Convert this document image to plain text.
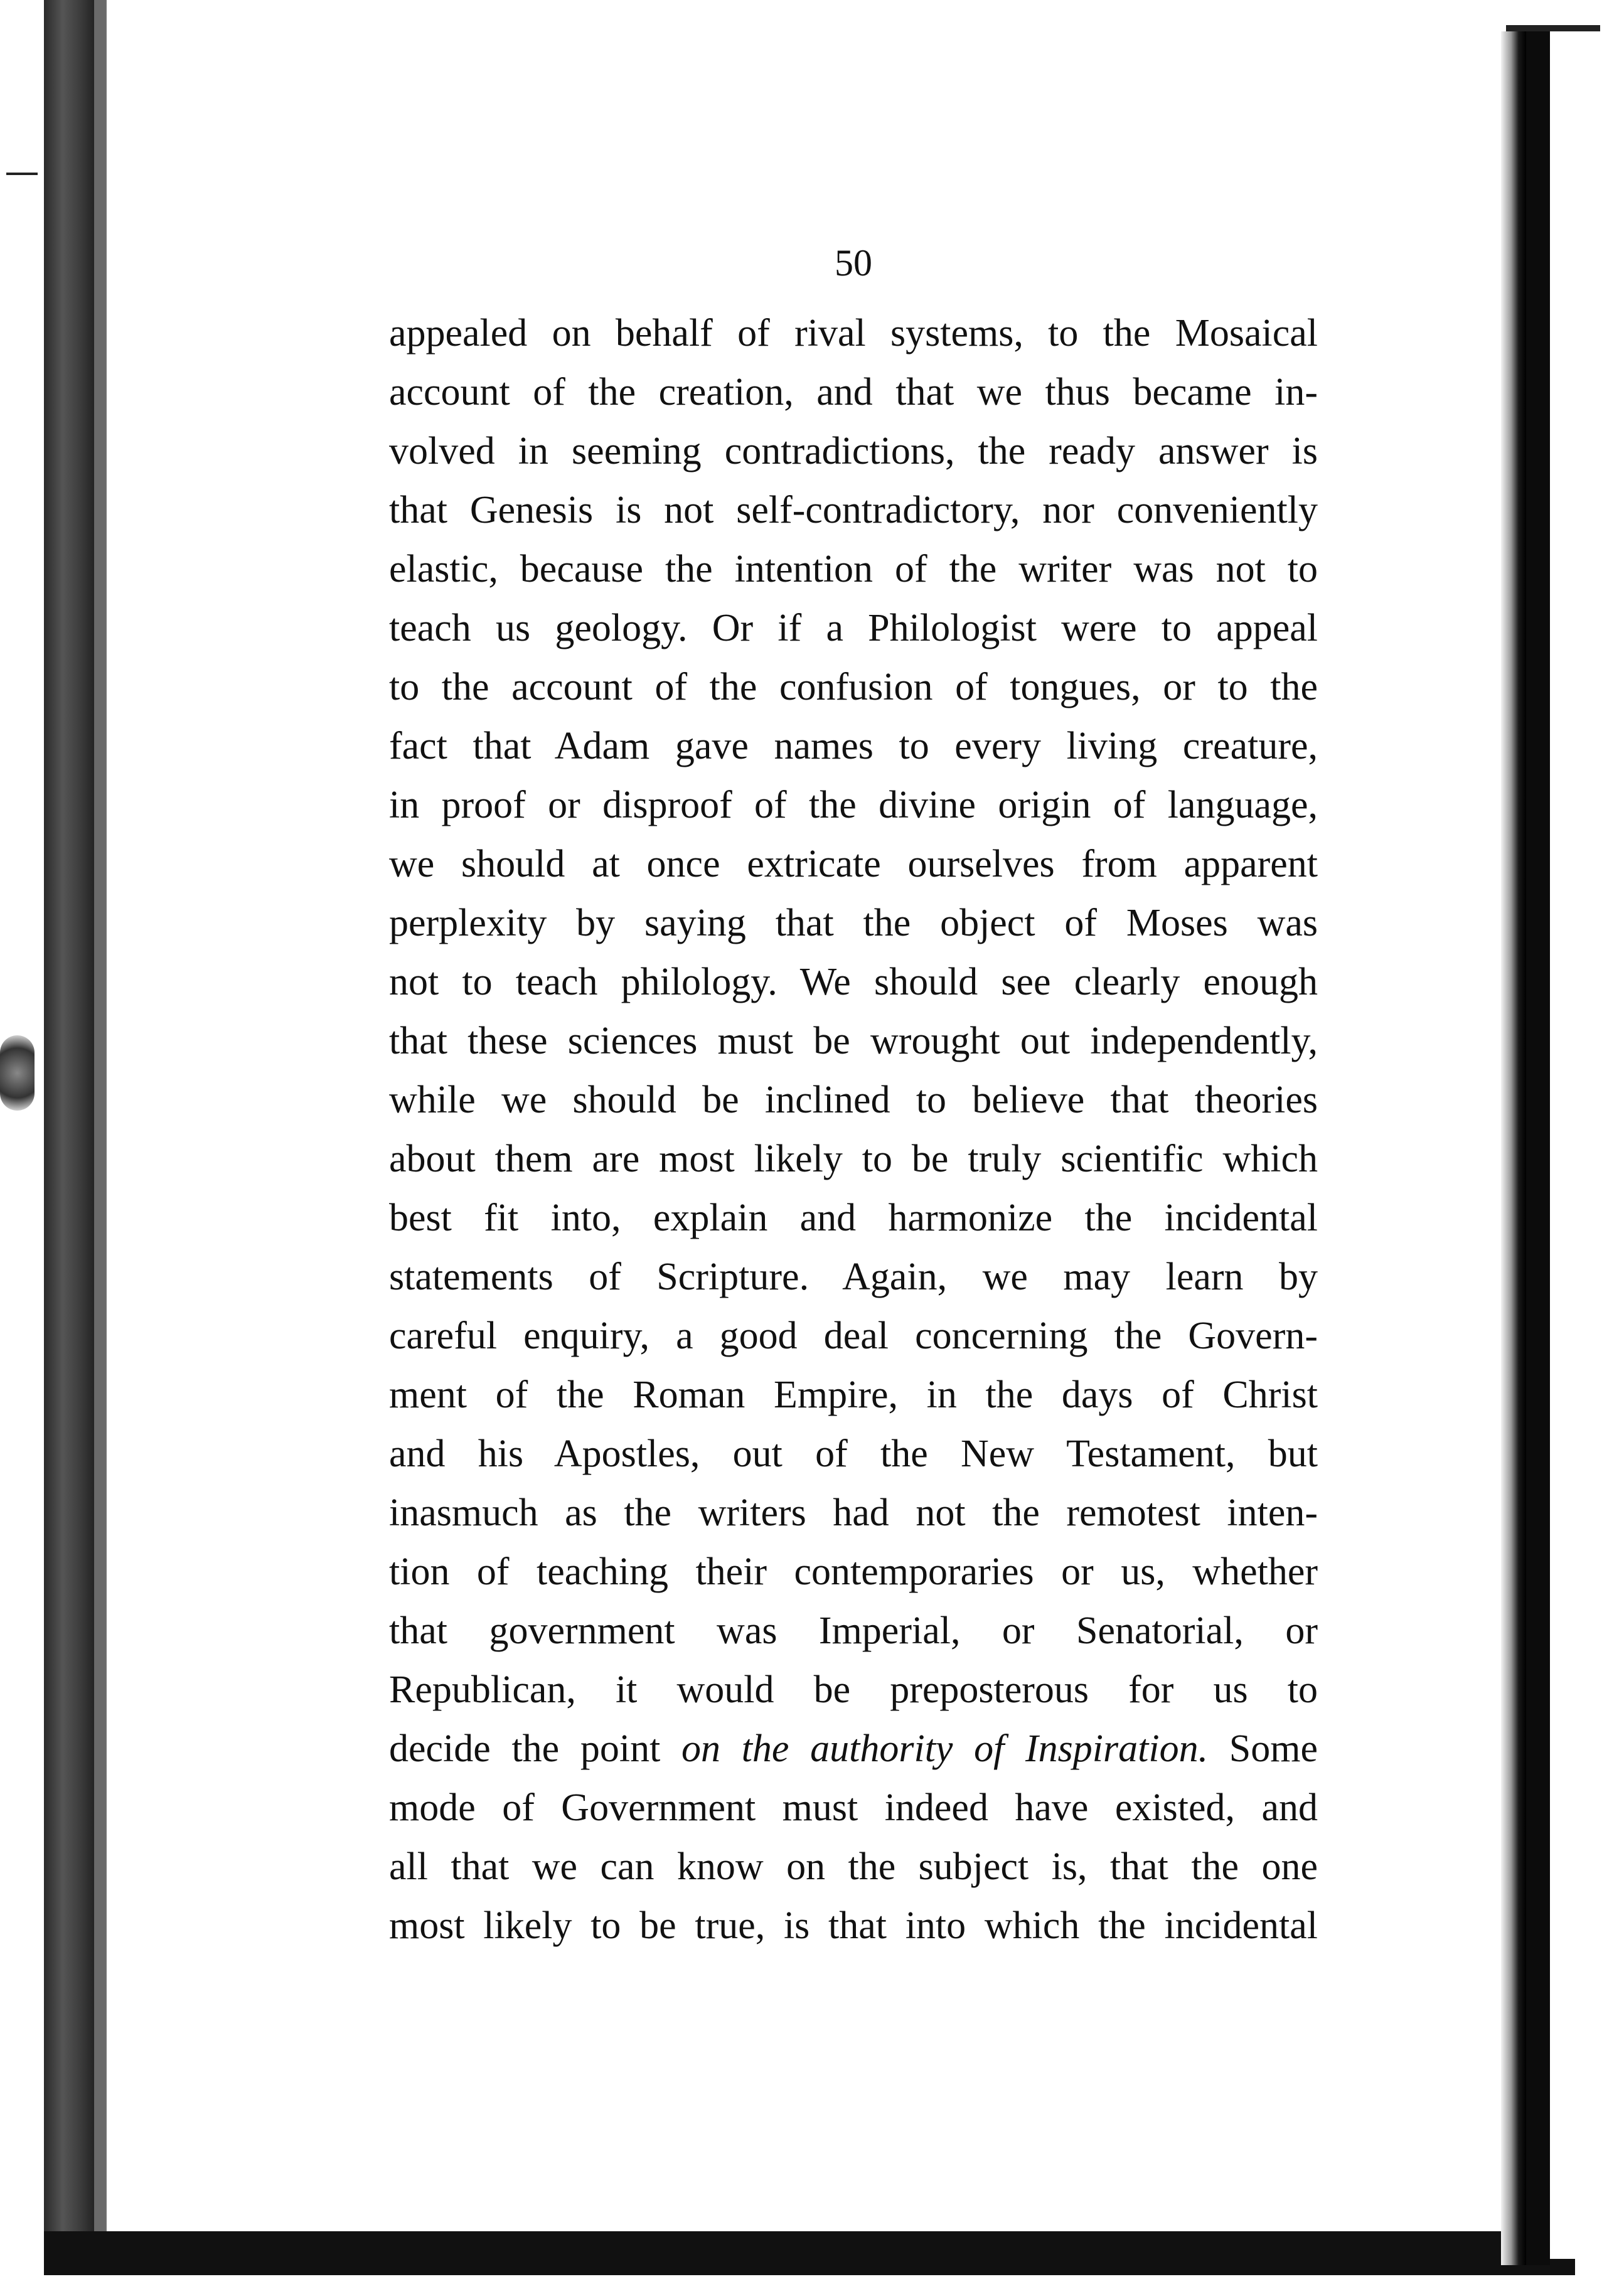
50
appealed on behalf of rival systems, to the Mosaical
account of the creation, and that we thus became in-
volved in seeming contradictions, the ready answer is
that Genesis is not self-contradictory, nor conveniently
elastic, because the intention of the writer was not to
teach us geology. Or if a Philologist were to appeal
to the account of the confusion of tongues, or to the
fact that Adam gave names to every living creature,
in proof or disproof of the divine origin of language,
we should at once extricate ourselves from apparent
perplexity by saying that the object of Moses was
not to teach philology. We should see clearly enough
that these sciences must be wrought out independently,
while we should be inclined to believe that theories
about them are most likely to be truly scientific which
best fit into, explain and harmonize the incidental
statements of Scripture. Again, we may learn by
careful enquiry, a good deal concerning the Govern-
ment of the Roman Empire, in the days of Christ
and his Apostles, out of the New Testament, but
inasmuch as the writers had not the remotest inten-
tion of teaching their contemporaries or us, whether
that government was Imperial, or Senatorial, or
Republican, it would be preposterous for us to
decide the point on the authority of Inspiration. Some
mode of Government must indeed have existed, and
all that we can know on the subject is, that the one
most likely to be true, is that into which the incidental
